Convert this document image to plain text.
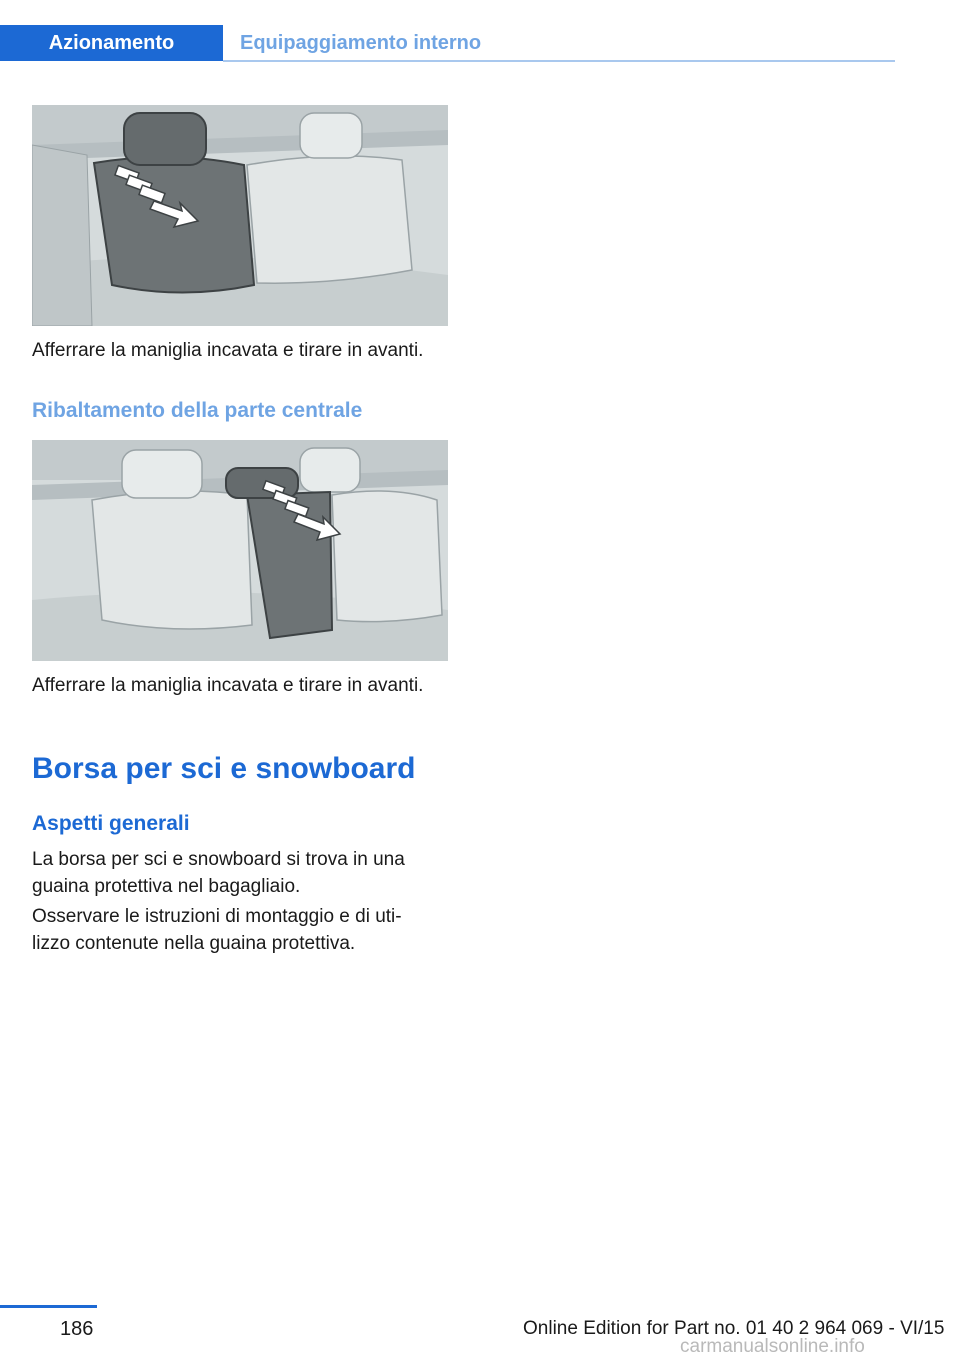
Azionamento	Equipaggiamento interno
Afferrare la maniglia incavata e tirare in avanti.
Ribaltamento della parte centrale
Afferrare la maniglia incavata e tirare in avanti.
Borsa per sci e snowboard
Aspetti generali
La borsa per sci e snowboard si trova in una
guaina protettiva nel bagagliaio.
Osservare le istruzioni di montaggio e di uti-
lizzo contenute nella guaina protettiva.
186	Online Edition for Part no. 01 40 2 964 069 - VI/15
carmanualsonline.info
